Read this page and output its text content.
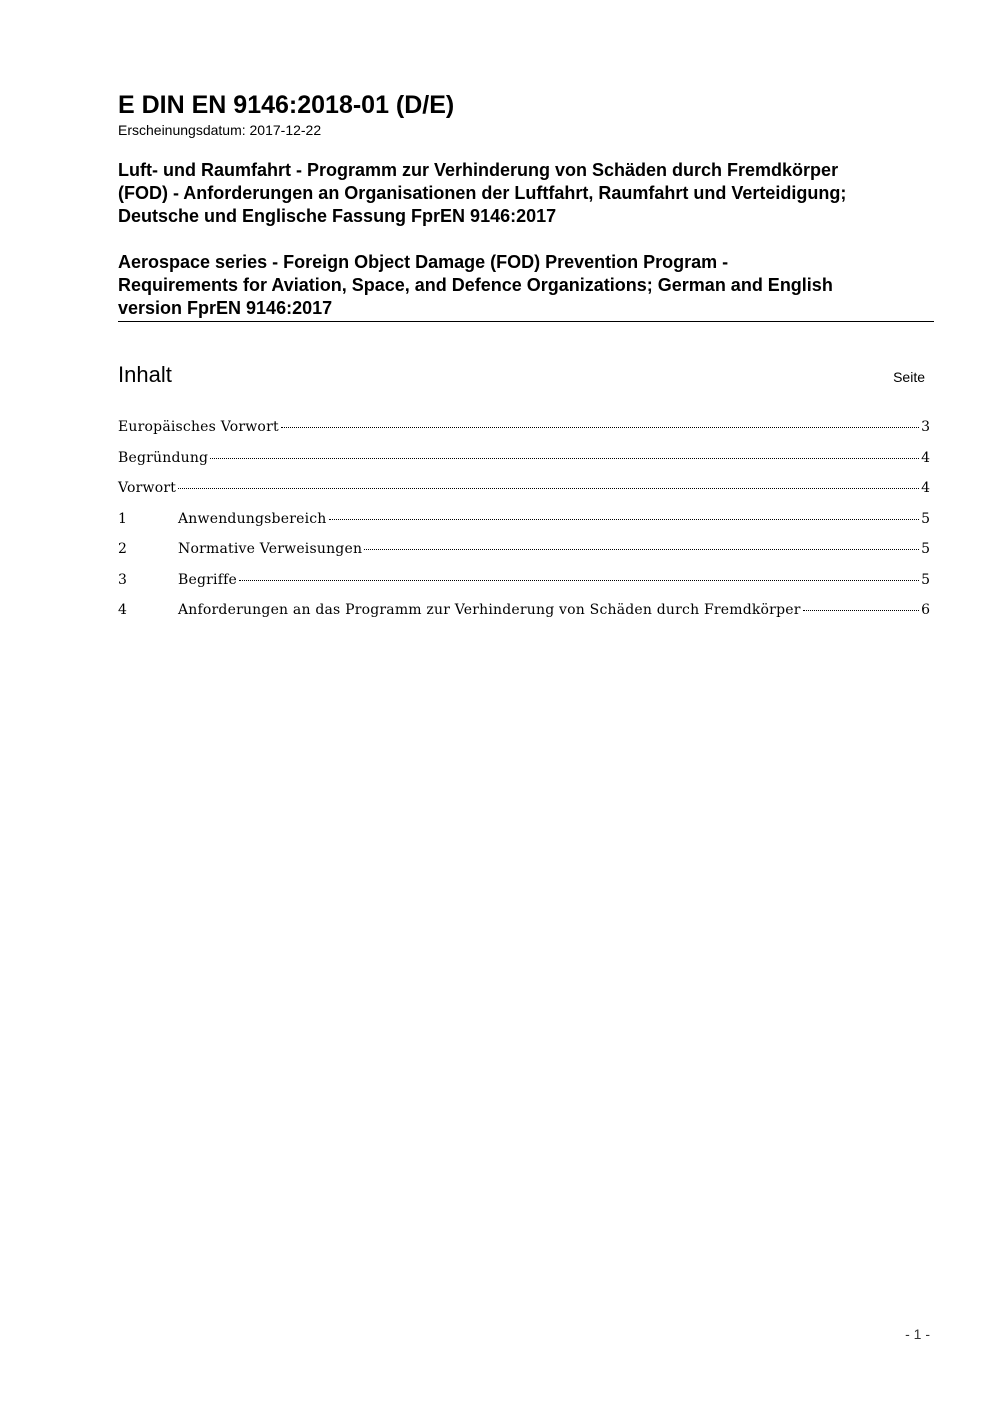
E DIN EN 9146:2018-01 (D/E)
Erscheinungsdatum: 2017-12-22
Luft- und Raumfahrt - Programm zur Verhinderung von Schäden durch Fremdkörper
(FOD) - Anforderungen an Organisationen der Luftfahrt, Raumfahrt und Verteidigung;
Deutsche und Englische Fassung FprEN 9146:2017
Aerospace series - Foreign Object Damage (FOD) Prevention Program -
Requirements for Aviation, Space, and Defence Organizations; German and English
version FprEN 9146:2017
Inhalt	Seite
Europäisches Vorwort	3
Begründung	4
Vorwort	4
1	Anwendungsbereich	5
2	Normative Verweisungen	5
3	Begriffe	5
4	Anforderungen an das Programm zur Verhinderung von Schäden durch Fremdkörper	6
- 1 -
